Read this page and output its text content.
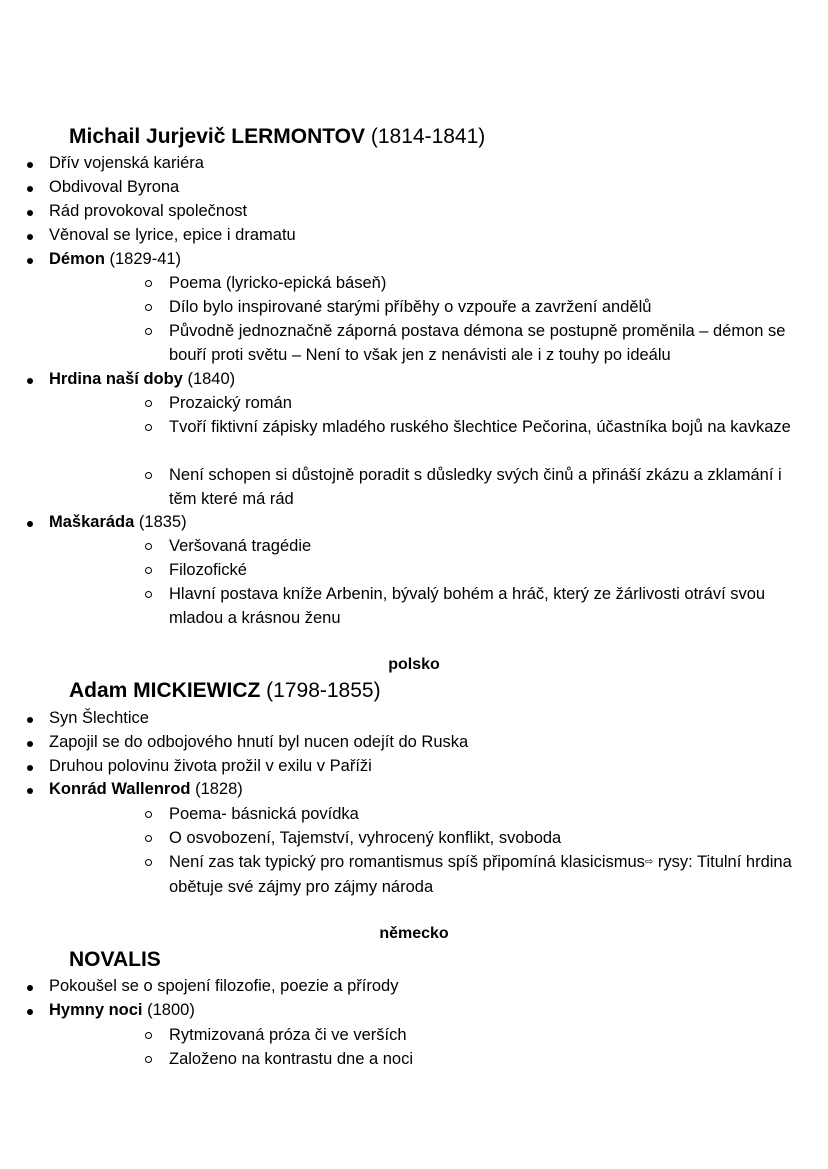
Michail Jurjevič LERMONTOV (1814-1841)
Dřív vojenská kariéra
Obdivoval Byrona
Rád provokoval společnost
Věnoval se lyrice, epice i dramatu
Démon (1829-41)
Poema (lyricko-epická báseň)
Dílo bylo inspirované starými příběhy o vzpouře a zavržení andělů
Původně jednoznačně záporná postava démona se postupně proměnila – démon se bouří proti světu – Není to však jen z nenávisti ale i z touhy po ideálu
Hrdina naší doby (1840)
Prozaický román
Tvoří fiktivní zápisky mladého ruského šlechtice Pečorina, účastníka bojů na kavkaze
Není schopen si důstojně poradit s důsledky svých činů a přináší zkázu a zklamání i těm které má rád
Maškaráda (1835)
Veršovaná tragédie
Filozofické
Hlavní postava kníže Arbenin, bývalý bohém a hráč, který ze žárlivosti otráví svou mladou a krásnou ženu
polsko
Adam MICKIEWICZ (1798-1855)
Syn Šlechtice
Zapojil se do odbojového hnutí byl nucen odejít do Ruska
Druhou polovinu života prožil v exilu v Paříži
Konrád Wallenrod (1828)
Poema- básnická povídka
O osvobození, Tajemství, vyhrocený konflikt, svoboda
Není zas tak typický pro romantismus spíš připomíná klasicismus⇨ rysy: Titulní hrdina obětuje své zájmy pro zájmy národa
německo
NOVALIS
Pokoušel se o spojení filozofie, poezie a přírody
Hymny noci (1800)
Rytmizovaná próza či ve verších
Založeno na kontrastu dne a noci
